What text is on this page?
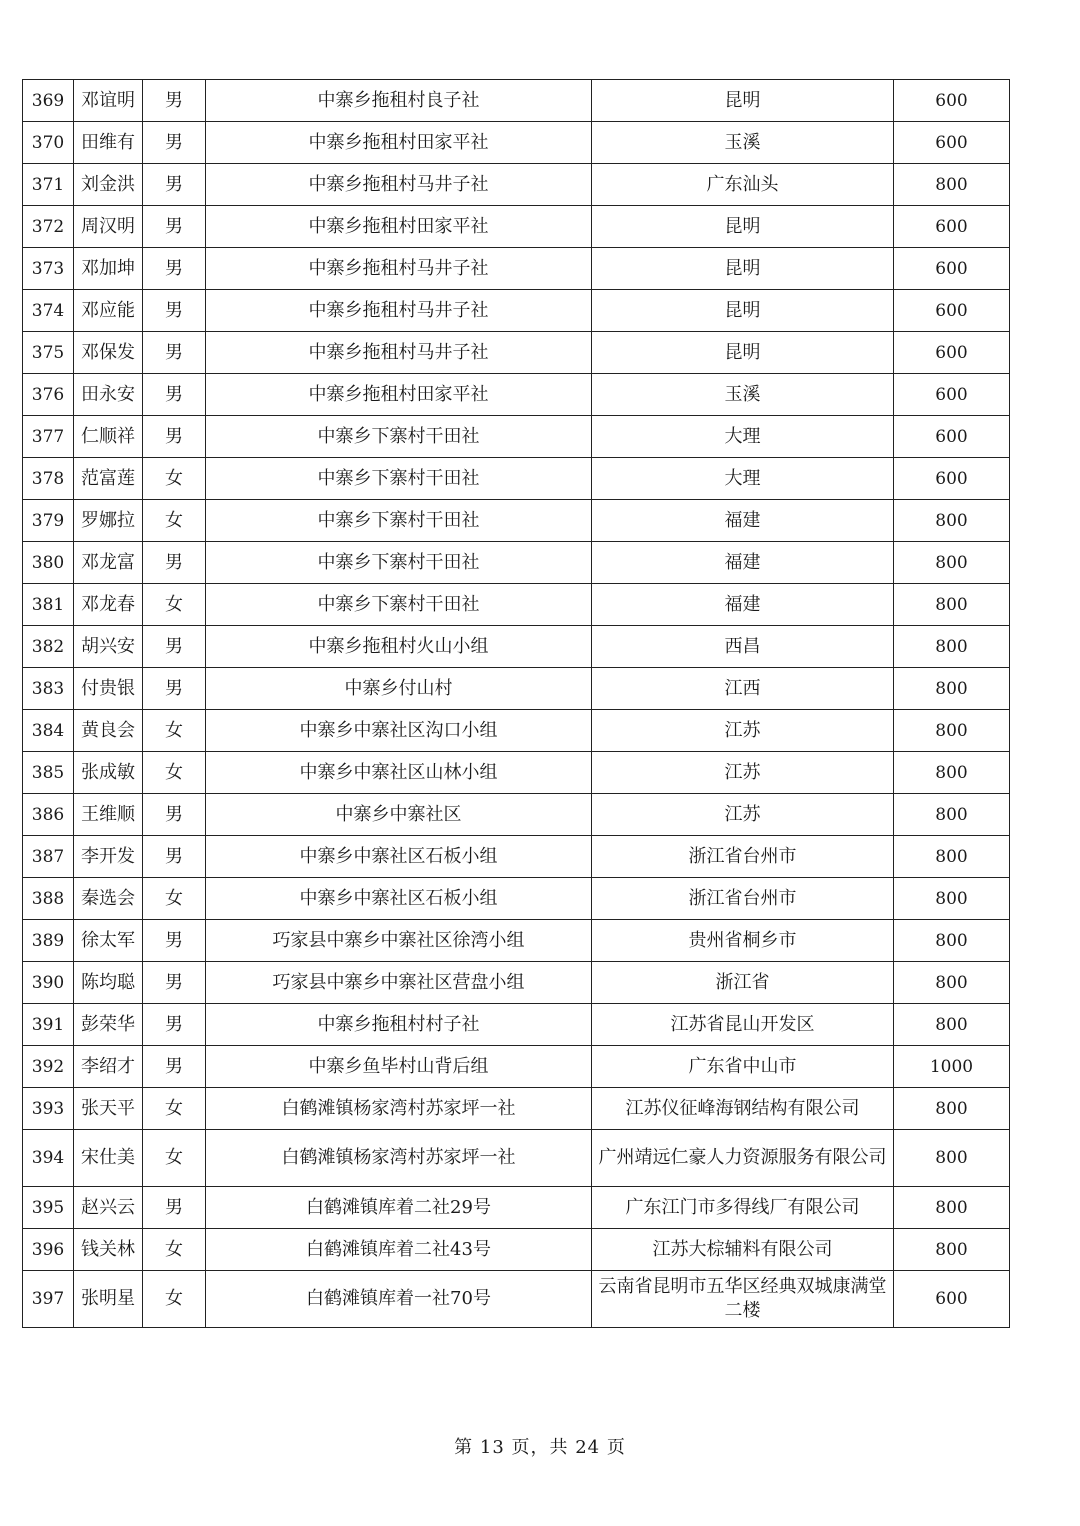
369	邓谊明	男	中寨乡拖租村良子社	昆明	600
370	田维有	男	中寨乡拖租村田家平社	玉溪	600
371	刘金洪	男	中寨乡拖租村马井子社	广东汕头	800
372	周汉明	男	中寨乡拖租村田家平社	昆明	600
373	邓加坤	男	中寨乡拖租村马井子社	昆明	600
374	邓应能	男	中寨乡拖租村马井子社	昆明	600
375	邓保发	男	中寨乡拖租村马井子社	昆明	600
376	田永安	男	中寨乡拖租村田家平社	玉溪	600
377	仁顺祥	男	中寨乡下寨村干田社	大理	600
378	范富莲	女	中寨乡下寨村干田社	大理	600
379	罗娜拉	女	中寨乡下寨村干田社	福建	800
380	邓龙富	男	中寨乡下寨村干田社	福建	800
381	邓龙春	女	中寨乡下寨村干田社	福建	800
382	胡兴安	男	中寨乡拖租村火山小组	西昌	800
383	付贵银	男	中寨乡付山村	江西	800
384	黄良会	女	中寨乡中寨社区沟口小组	江苏	800
385	张成敏	女	中寨乡中寨社区山林小组	江苏	800
386	王维顺	男	中寨乡中寨社区	江苏	800
387	李开发	男	中寨乡中寨社区石板小组	浙江省台州市	800
388	秦选会	女	中寨乡中寨社区石板小组	浙江省台州市	800
389	徐太军	男	巧家县中寨乡中寨社区徐湾小组	贵州省桐乡市	800
390	陈均聪	男	巧家县中寨乡中寨社区营盘小组	浙江省	800
391	彭荣华	男	中寨乡拖租村村子社	江苏省昆山开发区	800
392	李绍才	男	中寨乡鱼毕村山背后组	广东省中山市	1000
393	张天平	女	白鹤滩镇杨家湾村苏家坪一社	江苏仪征峰海钢结构有限公司	800
394	宋仕美	女	白鹤滩镇杨家湾村苏家坪一社	广州靖远仁豪人力资源服务有限公司	800
395	赵兴云	男	白鹤滩镇库着二社29号	广东江门市多得线厂有限公司	800
396	钱关林	女	白鹤滩镇库着二社43号	江苏大棕辅料有限公司	800
397	张明星	女	白鹤滩镇库着一社70号	云南省昆明市五华区经典双城康满堂二楼	600
第 13 页，共 24 页
